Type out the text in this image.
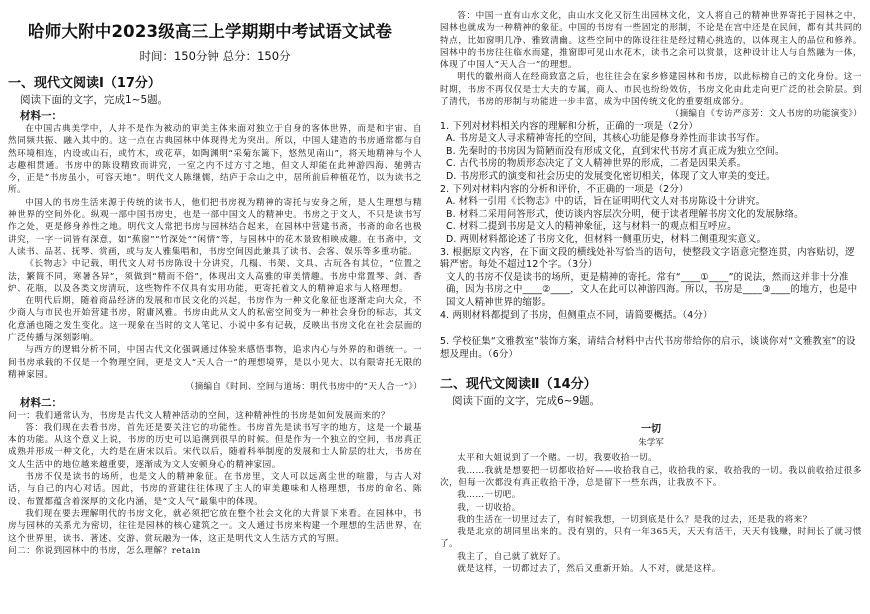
哈师大附中2023级高三上学期期中考试语文试卷
时间：150分钟 总分：150分
一、现代文阅读Ⅰ（17分）
阅读下面的文字，完成1~5题。
材料一：

在中国古典美学中，人并不是作为被动的审美主体来面对独立于自身的客体世界，而是和宇宙、自然同频共振、融入其中的。这一点在古典园林中体现得尤为突出。所以，中国人建造的书房通常都与自然环境相连，内设或山石，或竹木，或花草，如陶渊明“采菊东篱下，悠然见南山”，将天地精神与个人志趣相贯通。书房中的陈设精致而讲究，一室之内不过方寸之地，但文人却能在此神游四海、驰骋古今，正是“书房虽小，可容天地”。明代文人陈继儒，结庐于佘山之中，居所前后种植花竹，以为读书之所。

中国人的书房生活来源于传统的读书人，他们把书房视为精神的寄托与安身之所，是人生理想与精神世界的空间外化。纵观一部中国书房史，也是一部中国文人的精神史。书房之于文人，不只是读书写作之处，更是修身养性之地。明代文人常把书房与园林结合起来，在园林中营建书斋，书斋的命名也极讲究，一字一词皆有深意，如“蕉窗”“竹深处”“闲情”等，与园林中的花木景致相映成趣。在书斋中，文人读书、品茗、抚琴、赏画，或与友人雅集唱和，书房空间因此兼具了读书、会客、娱乐等多重功能。

《长物志》中记载，明代文人对书房陈设十分讲究，几榻、书架、文具、古玩各有其位，“位置之法，繁简不同，寒暑各异”，须做到“精而不俗”，体现出文人高雅的审美情趣。书房中常置琴、剑、香炉、花瓶，以及各类文房清玩，这些物件不仅具有实用功能，更寄托着文人的精神追求与人格理想。

在明代后期，随着商品经济的发展和市民文化的兴起，书房作为一种文化象征也逐渐走向大众，不少商人与市民也开始营建书房，附庸风雅。书房由此从文人的私密空间变为一种社会身份的标志，其文化意涵也随之发生变化。这一现象在当时的文人笔记、小说中多有记载，反映出书房文化在社会层面的广泛传播与深刻影响。

与西方的逻辑分析不同，中国古代文化强调通过体验来感悟事物，追求内心与外界的和谐统一。一间书房承载的不仅是一个物理空间，更是文人“天人合一”的理想境界，是以小见大、以有限寄托无限的精神家园。

（摘编自《时间、空间与道场：明代书房中的“天人合一”》）

材料二：

问一：我们通常认为，书房是古代文人精神活动的空间，这种精神性的书房是如何发展而来的？

答：我们现在去看书房，首先还是要关注它的功能性。书房首先是读书写字的地方，这是一个最基本的功能。从这个意义上说，书房的历史可以追溯到很早的时候。但是作为一个独立的空间，书房真正成熟并形成一种文化，大约是在唐宋以后。宋代以后，随着科举制度的发展和士人阶层的壮大，书房在文人生活中的地位越来越重要，逐渐成为文人安顿身心的精神家园。

书房不仅是读书的场所，也是文人的精神象征。在书房里，文人可以远离尘世的喧嚣，与古人对话，与自己的内心对话。因此，书房的营建往往体现了主人的审美趣味和人格理想，书房的命名、陈设、布置都蕴含着深厚的文化内涵，是“文人气”最集中的体现。

我们现在要去理解明代的书房文化，就必须把它放在整个社会文化的大背景下来看。在园林中，书房与园林的关系尤为密切，往往是园林的核心建筑之一。文人通过书房来构建一个理想的生活世界，在这个世界里，读书、著述、交游、赏玩融为一体，这正是明代文人生活方式的写照。

问二：你说到园林中的书房，怎么理解？retain

答：中国一直有山水文化，由山水文化又衍生出园林文化，文人将自己的精神世界寄托于园林之中，园林也就成为一种精神的象征。中国的书房有一些固定的形制，不论是在宫中还是在民间，都有其共同的特点，比如窗明几净、雅致清幽。这些空间中的陈设往往是经过精心挑选的，以体现主人的品位和修养。园林中的书房往往临水而建，推窗即可见山水花木，读书之余可以赏景，这种设计让人与自然融为一体，体现了中国人“天人合一”的理想。

明代的徽州商人在经商致富之后，也往往会在家乡修建园林和书房，以此标榜自己的文化身份。这一时期，书房不再仅仅是士大夫的专属，商人、市民也纷纷效仿，书房文化由此走向更广泛的社会阶层。到了清代，书房的形制与功能进一步丰富，成为中国传统文化的重要组成部分。

（摘编自《专访严彦芳：文人书房的功能演变》）

1. 下列对材料相关内容的理解和分析，正确的一项是（2分）

A. 书房是文人寻求精神寄托的空间，其核心功能是修身养性而非读书写作。

B. 先秦时的书房因为简陋而没有形成文化，直到宋代书房才真正成为独立空间。

C. 古代书房的物质形态决定了文人精神世界的形成，二者是因果关系。

D. 书房形式的演变和社会历史的发展变化密切相关，体现了文人审美的变迁。

2. 下列对材料内容的分析和评价，不正确的一项是（2分）

A. 材料一引用《长物志》中的话，旨在证明明代文人对书房陈设十分讲究。

B. 材料二采用问答形式，使访谈内容层次分明，便于读者理解书房文化的发展脉络。

C. 材料二提到书房是文人的精神象征，这与材料一的观点相互呼应。

D. 两则材料都论述了书房文化，但材料一侧重历史，材料二侧重现实意义。

3. 根据原文内容，在下面文段的横线处补写恰当的语句，使整段文字语意完整连贯，内容贴切，逻辑严密。每处不超过12个字。（3分）

文人的书房不仅是读书的场所，更是精神的寄托。常有“____①____”的说法，然而这并非十分准确，因为书房之中____②____，文人在此可以神游四海。所以，书房是____③____的地方，也是中国文人精神世界的缩影。

4. 两则材料都提到了书房，但侧重点不同，请简要概括。（4分）

5. 学校征集“文雅教室”装饰方案，请结合材料中古代书房带给你的启示，谈谈你对“文雅教室”的设想及理由。（6分）

二、现代文阅读Ⅱ（14分）
阅读下面的文字，完成6~9题。
一切
朱学军

太平和大姐说到了一个赌。一切，我要收拾一切。

我……我就是想要把一切都收拾好——收拾我自己，收拾我的家，收拾我的一切。我以前收拾过很多次，但每一次都没有真正收拾干净，总是留下一些东西，让我放不下。

我……一切吧。

我，一切收拾。

我的生活在一切里过去了，有时候我想，一切到底是什么？是我的过去，还是我的将来？

我是北京的胡同里出来的。没有别的，只有一年365天，天天有活干，天天有钱赚，时间长了就习惯了。

我主了，自己就了就好了。

就是这样，一切都过去了，然后又重新开始。人不对，就是这样。
